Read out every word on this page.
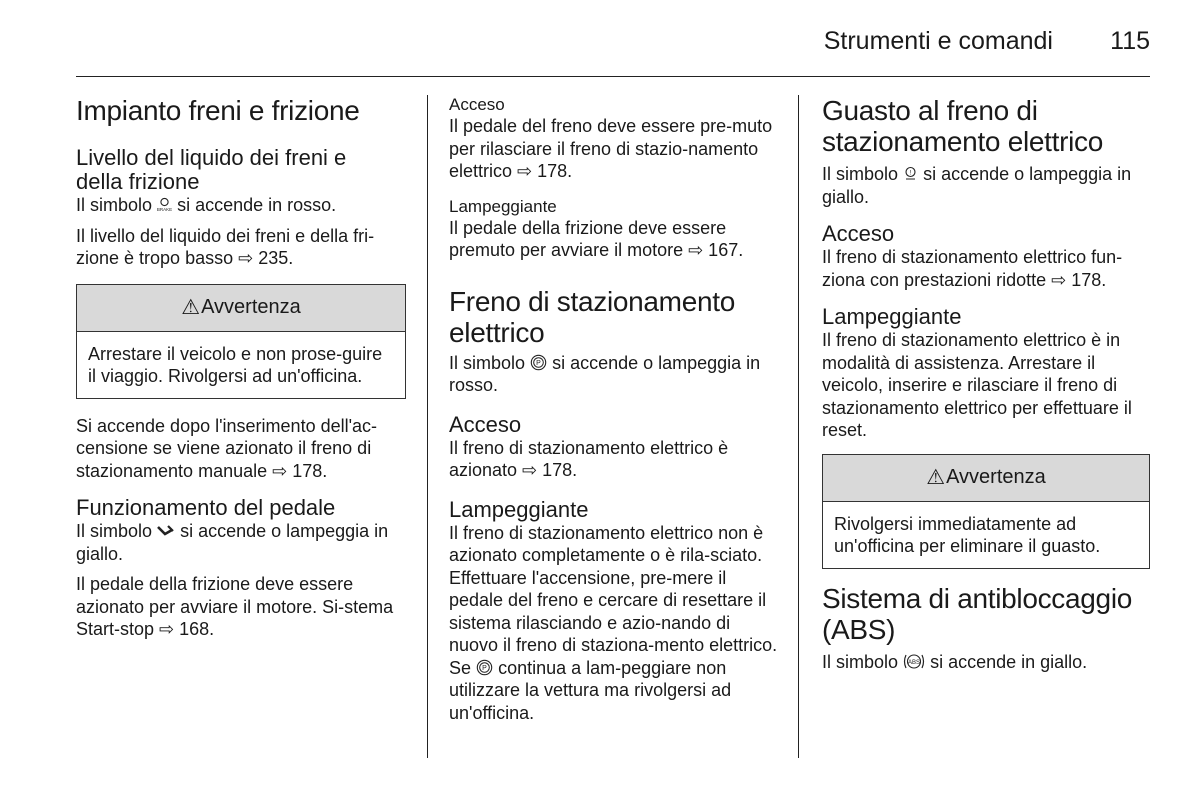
Strumenti e comandi 115
Impianto freni e frizione
Livello del liquido dei freni e della frizione

Il simbolo BRAKE si accende in rosso.

Il livello del liquido dei freni e della fri-zione è tropo basso ⇨ 235.

⚠ Avvertenza

Arrestare il veicolo e non prose-guire il viaggio. Rivolgersi ad un'officina.

Si accende dopo l'inserimento dell'ac-censione se viene azionato il freno di stazionamento manuale ⇨ 178.

Funzionamento del pedale

Il simbolo si accende o lampeggia in giallo.

Il pedale della frizione deve essere azionato per avviare il motore. Si-stema Start-stop ⇨ 168.

Acceso

Il pedale del freno deve essere pre-muto per rilasciare il freno di stazio-namento elettrico ⇨ 178.

Lampeggiante

Il pedale della frizione deve essere premuto per avviare il motore ⇨ 167.

Freno di stazionamento elettrico

Il simbolo P si accende o lampeggia in rosso.

Acceso

Il freno di stazionamento elettrico è azionato ⇨ 178.

Lampeggiante

Il freno di stazionamento elettrico non è azionato completamente o è rila-sciato. Effettuare l'accensione, pre-mere il pedale del freno e cercare di resettare il sistema rilasciando e azio-nando di nuovo il freno di staziona-mento elettrico. Se P continua a lam-peggiare non utilizzare la vettura ma rivolgersi ad un'officina.

Guasto al freno di stazionamento elettrico

Il simbolo ! si accende o lampeggia in giallo.

Acceso

Il freno di stazionamento elettrico fun-ziona con prestazioni ridotte ⇨ 178.

Lampeggiante

Il freno di stazionamento elettrico è in modalità di assistenza. Arrestare il veicolo, inserire e rilasciare il freno di stazionamento elettrico per effettuare il reset.

⚠ Avvertenza

Rivolgersi immediatamente ad un'officina per eliminare il guasto.

Sistema di antibloccaggio (ABS)

Il simbolo ABS si accende in giallo.
